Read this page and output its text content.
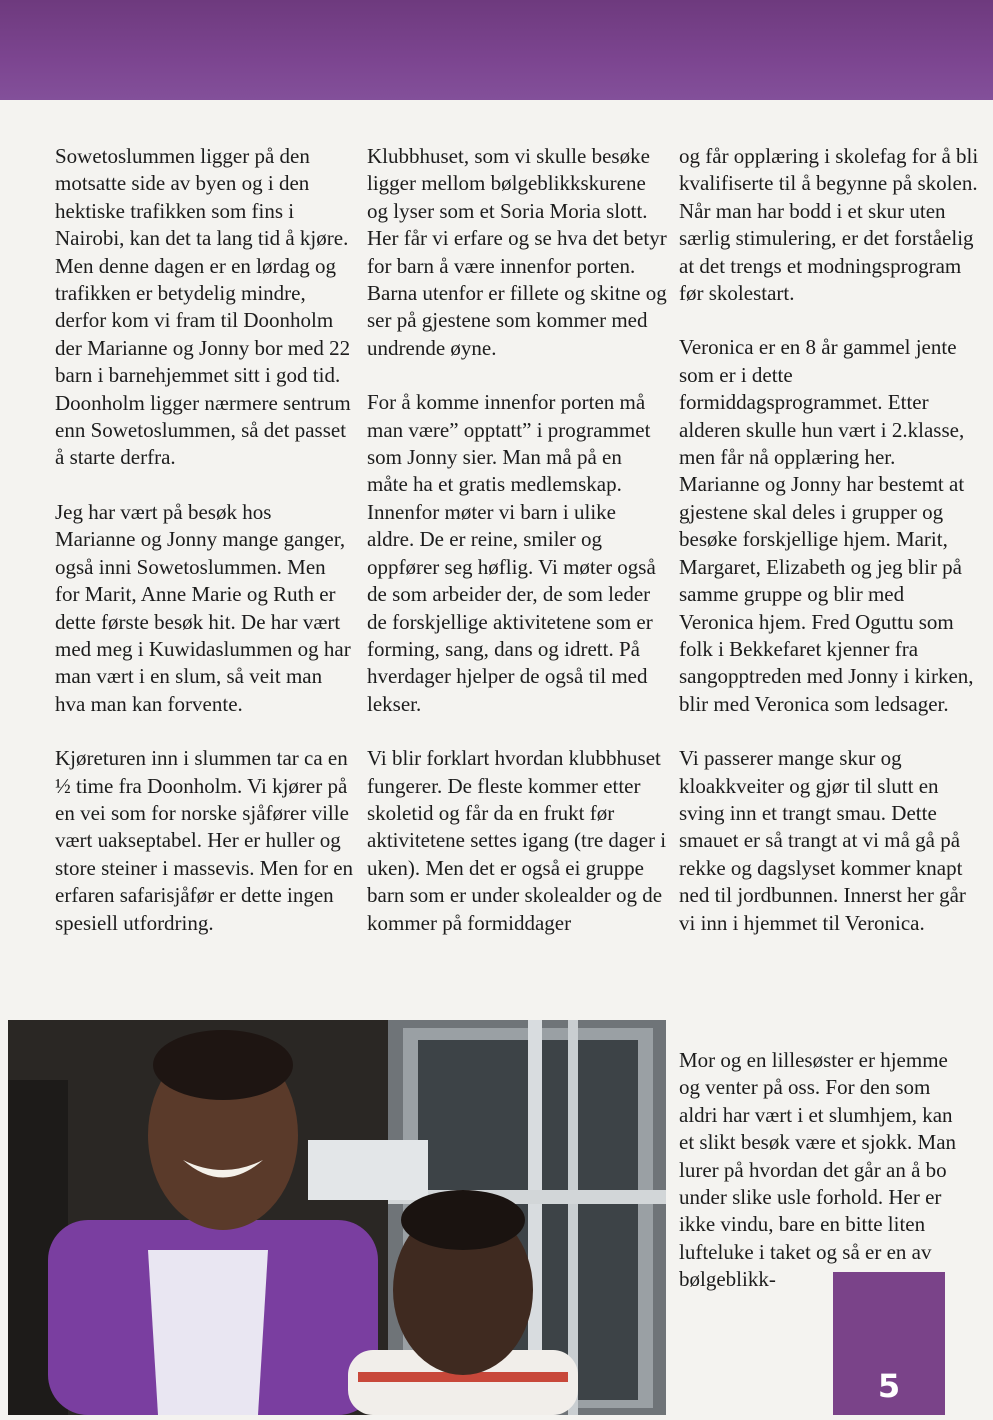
Sowetoslummen ligger på den motsatte side av byen og i den hektiske trafikken som fins i Nairobi, kan det ta lang tid å kjøre. Men denne dagen er en lørdag og trafikken er betydelig mindre, derfor kom vi fram til Doonholm der Marianne og Jonny bor med 22 barn i barnehjemmet sitt i god tid. Doonholm ligger nærmere sentrum enn Sowetoslummen, så det passet å starte derfra.

Jeg har vært på besøk hos Marianne og Jonny mange ganger, også inni Sowetoslummen. Men for Marit, Anne Marie og Ruth er dette første besøk hit. De har vært med meg i Kuwidaslummen og har man vært i en slum, så veit man hva man kan forvente.

Kjøreturen inn i slummen tar ca en ½ time fra Doonholm. Vi kjører på en vei som for norske sjåfører ville vært uakseptabel. Her er huller og store steiner i massevis. Men for en erfaren safarisjåfør er dette ingen spesiell utfordring.

Klubbhuset, som vi skulle besøke ligger mellom bølgeblikkskurene og lyser som et Soria Moria slott. Her får vi erfare og se hva det betyr for barn å være innenfor porten. Barna utenfor er fillete og skitne og ser på gjestene som kommer med undrende øyne.

For å komme innenfor porten må man være” opptatt” i programmet som Jonny sier. Man må på en måte ha et gratis medlemskap. Innenfor møter vi barn i ulike aldre. De er reine, smiler og oppfører seg høflig. Vi møter også de som arbeider der, de som leder de forskjellige aktivitetene som er forming, sang, dans og idrett. På hverdager hjelper de også til med lekser.

Vi blir forklart hvordan klubbhuset fungerer. De fleste kommer etter skoletid og får da en frukt før aktivitetene settes igang (tre dager i uken). Men det er også ei gruppe barn som er under skolealder og de kommer på formiddager

og får opplæring i skolefag for å bli kvalifiserte til å begynne på skolen. Når man har bodd i et skur uten særlig stimulering, er det forståelig at det trengs et modningsprogram før skolestart.

Veronica er en 8 år gammel jente som er i dette formiddagsprogrammet. Etter alderen skulle hun vært i 2.klasse, men får nå opplæring her. Marianne og Jonny har bestemt at gjestene skal deles i grupper og besøke forskjellige hjem. Marit, Margaret, Elizabeth og jeg blir på samme gruppe og blir med Veronica hjem. Fred Oguttu som folk i Bekkefaret kjenner fra sangopptreden med Jonny i kirken, blir med Veronica som ledsager.

Vi passerer mange skur og kloakkveiter og gjør til slutt en sving inn et trangt smau. Dette smauet er så trangt at vi må gå på rekke og dagslyset kommer knapt ned til jordbunnen. Innerst her går vi inn i hjemmet til Veronica.

Mor og en lillesøster er hjemme og venter på oss. For den som aldri har vært i et slumhjem, kan et slikt besøk være et sjokk. Man lurer på hvordan det går an å bo under slike usle forhold. Her er ikke vindu, bare en bitte liten lufteluke i taket og så er en av bølgeblikk-

5
